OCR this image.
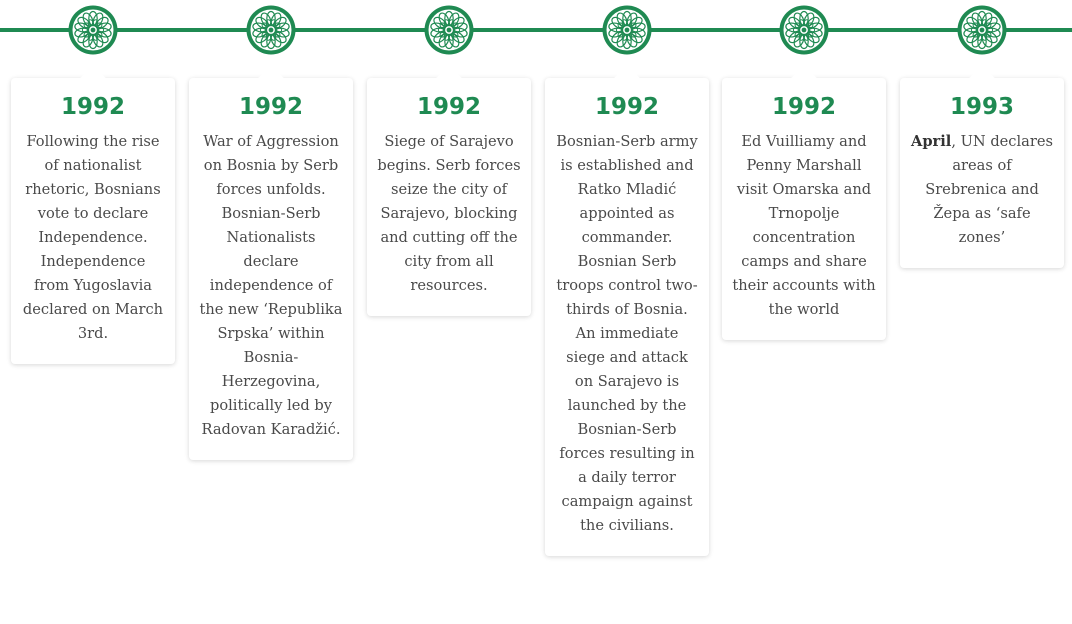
1992
Following the rise of nationalist rhetoric, Bosnians vote to declare Independence. Independence from Yugoslavia declared on March 3rd.
1992
War of Aggression on Bosnia by Serb forces unfolds. Bosnian-Serb Nationalists declare independence of the new ‘Republika Srpska’ within Bosnia-Herzegovina, politically led by Radovan Karadžić.
1992
Siege of Sarajevo begins. Serb forces seize the city of Sarajevo, blocking and cutting off the city from all resources.
1992
Bosnian-Serb army is established and Ratko Mladić appointed as commander. Bosnian Serb troops control two-thirds of Bosnia. An immediate siege and attack on Sarajevo is launched by the Bosnian-Serb forces resulting in a daily terror campaign against the civilians.
1992
Ed Vuilliamy and Penny Marshall visit Omarska and Trnopolje concentration camps and share their accounts with the world
1993
April, UN declares areas of Srebrenica and Žepa as ‘safe zones’
